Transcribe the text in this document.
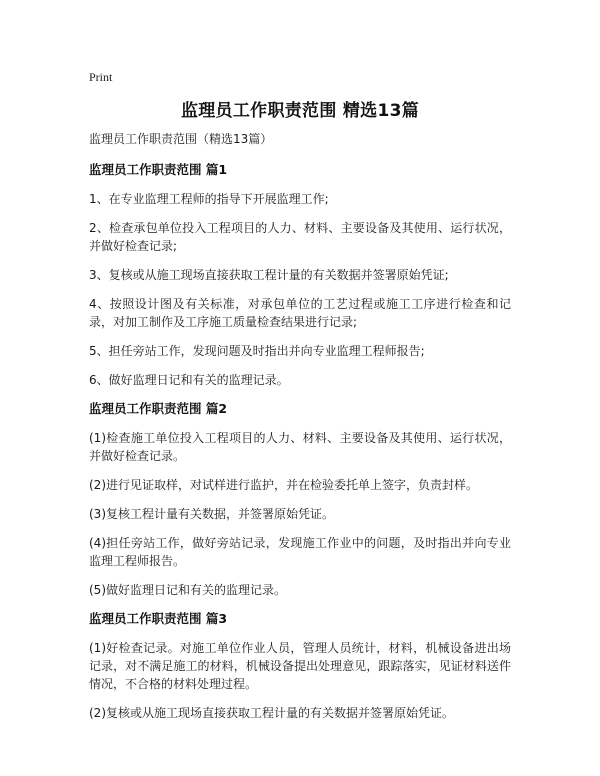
Print
监理员工作职责范围 精选13篇

监理员工作职责范围（精选13篇）

监理员工作职责范围 篇1

1、在专业监理工程师的指导下开展监理工作;

2、检查承包单位投入工程项目的人力、材料、主要设备及其使用、运行状况，并做好检查记录;

3、复核或从施工现场直接获取工程计量的有关数据并签署原始凭证;

4、按照设计图及有关标准，对承包单位的工艺过程或施工工序进行检查和记录，对加工制作及工序施工质量检查结果进行记录;

5、担任旁站工作，发现问题及时指出并向专业监理工程师报告;

6、做好监理日记和有关的监理记录。

监理员工作职责范围 篇2

(1)检查施工单位投入工程项目的人力、材料、主要设备及其使用、运行状况，并做好检查记录。

(2)进行见证取样，对试样进行监护，并在检验委托单上签字，负责封样。

(3)复核工程计量有关数据，并签署原始凭证。

(4)担任旁站工作，做好旁站记录，发现施工作业中的问题，及时指出并向专业监理工程师报告。

(5)做好监理日记和有关的监理记录。

监理员工作职责范围 篇3

(1)好检查记录。对施工单位作业人员，管理人员统计，材料，机械设备进出场记录，对不满足施工的材料，机械设备提出处理意见，跟踪落实，见证材料送件情况，不合格的材料处理过程。

(2)复核或从施工现场直接获取工程计量的有关数据并签署原始凭证。
